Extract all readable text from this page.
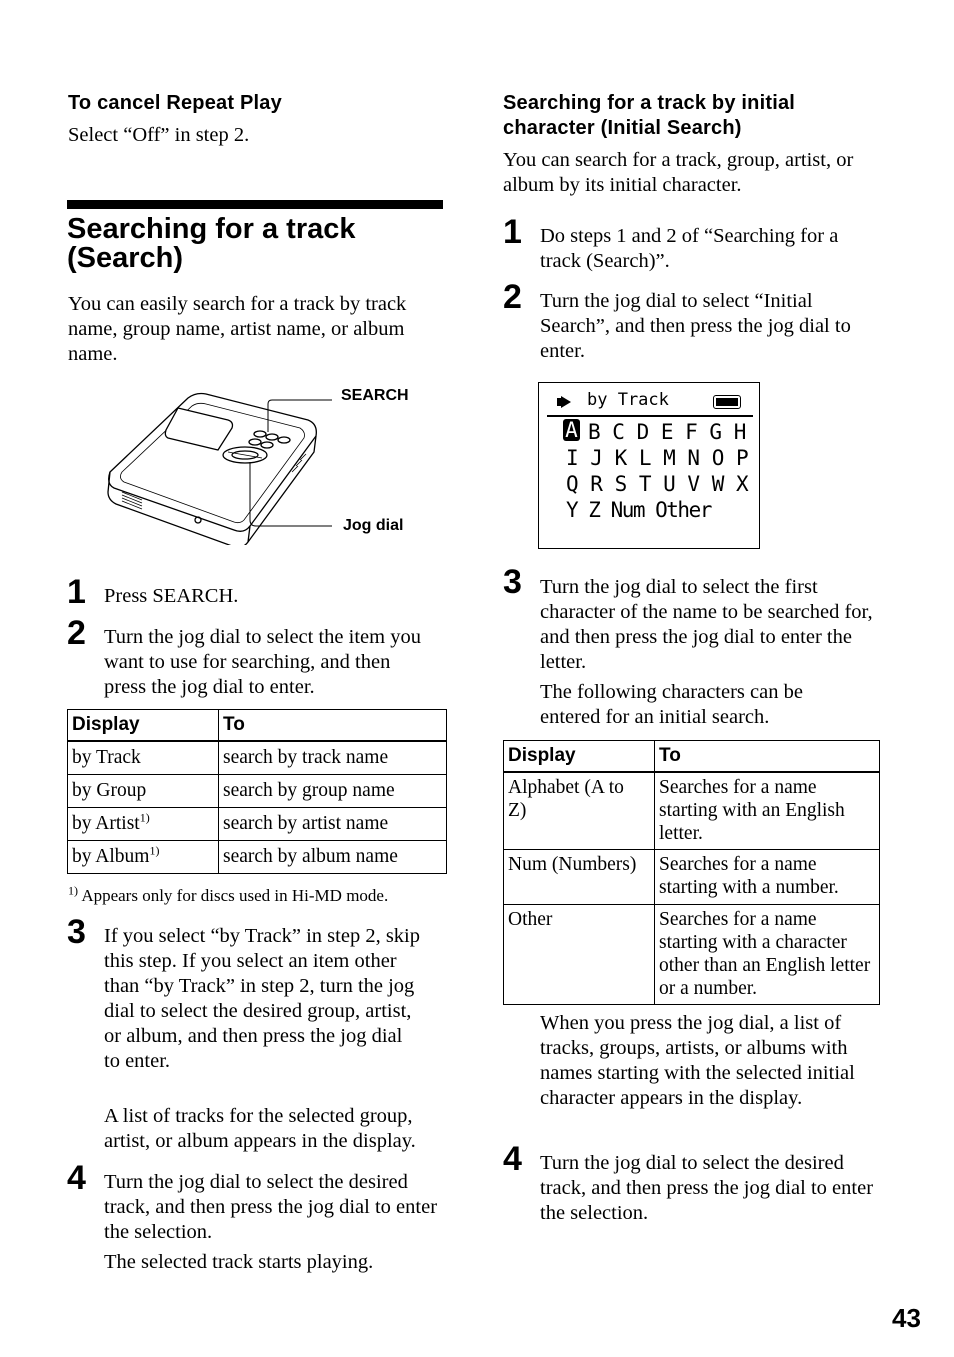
To cancel Repeat Play
Select “Off” in step 2.
Searching for a track
(Search)
You can easily search for a track by track name, group name, artist name, or album name.
SEARCH
Jog dial
1 Press SEARCH.
2 Turn the jog dial to select the item you want to use for searching, and then press the jog dial to enter.
Display	To
by Track	search by track name
by Group	search by group name
by Artist$^{1)}$	search by artist name
by Album$^{1)}$	search by album name
$^{1)}$ Appears only for discs used in Hi-MD mode.
3 If you select “by Track” in step 2, skip this step. If you select an item other than “by Track” in step 2, turn the jog dial to select the desired group, artist, or album, and then press the jog dial to enter.
A list of tracks for the selected group, artist, or album appears in the display.
4 Turn the jog dial to select the desired track, and then press the jog dial to enter the selection.
The selected track starts playing.
Searching for a track by initial
character (Initial Search)
You can search for a track, group, artist, or album by its initial character.
1 Do steps 1 and 2 of “Searching for a track (Search)”.
2 Turn the jog dial to select “Initial Search”, and then press the jog dial to enter.
by Track
A B C D E F G H
I J K L M N O P
Q R S T U V W X
Y Z Num Other
3 Turn the jog dial to select the first character of the name to be searched for, and then press the jog dial to enter the letter.
The following characters can be entered for an initial search.
Display	To

Alphabet (A to Z)	Searches for a name starting with an English letter.

Num (Numbers)	Searches for a name starting with a number.

Other	Searches for a name starting with a character other than an English letter or a number.
When you press the jog dial, a list of tracks, groups, artists, or albums with names starting with the selected initial character appears in the display.
4 Turn the jog dial to select the desired track, and then press the jog dial to enter the selection.
43
